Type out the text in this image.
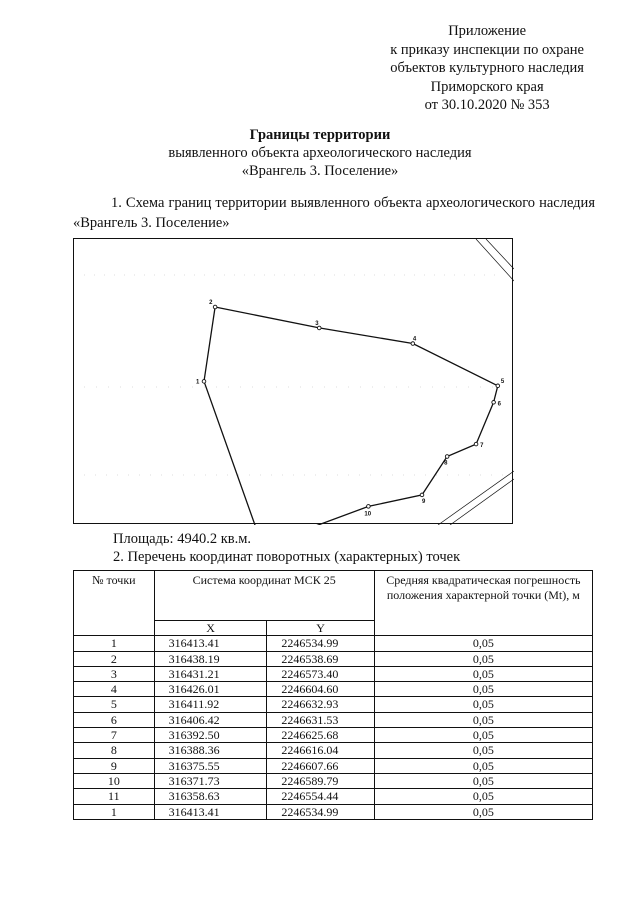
Приложение
к приказу инспекции по охране
объектов культурного наследия
Приморского края
от 30.10.2020 № 353
Границы территории
выявленного объекта археологического наследия
«Врангель 3. Поселение»
1. Схема границ территории выявленного объекта археологического наследия «Врангель 3. Поселение»
1
2
3
4
5
6
7
8
9
10
Площадь: 4940.2 кв.м.
2. Перечень координат поворотных (характерных) точек
№ точки	Система координат МСК 25		Средняя квадратическая погрешность положения характерной точки (Mt), м
	X	Y	
1	316413.41	2246534.99	0,05
2	316438.19	2246538.69	0,05
3	316431.21	2246573.40	0,05
4	316426.01	2246604.60	0,05
5	316411.92	2246632.93	0,05
6	316406.42	2246631.53	0,05
7	316392.50	2246625.68	0,05
8	316388.36	2246616.04	0,05
9	316375.55	2246607.66	0,05
10	316371.73	2246589.79	0,05
11	316358.63	2246554.44	0,05
1	316413.41	2246534.99	0,05
